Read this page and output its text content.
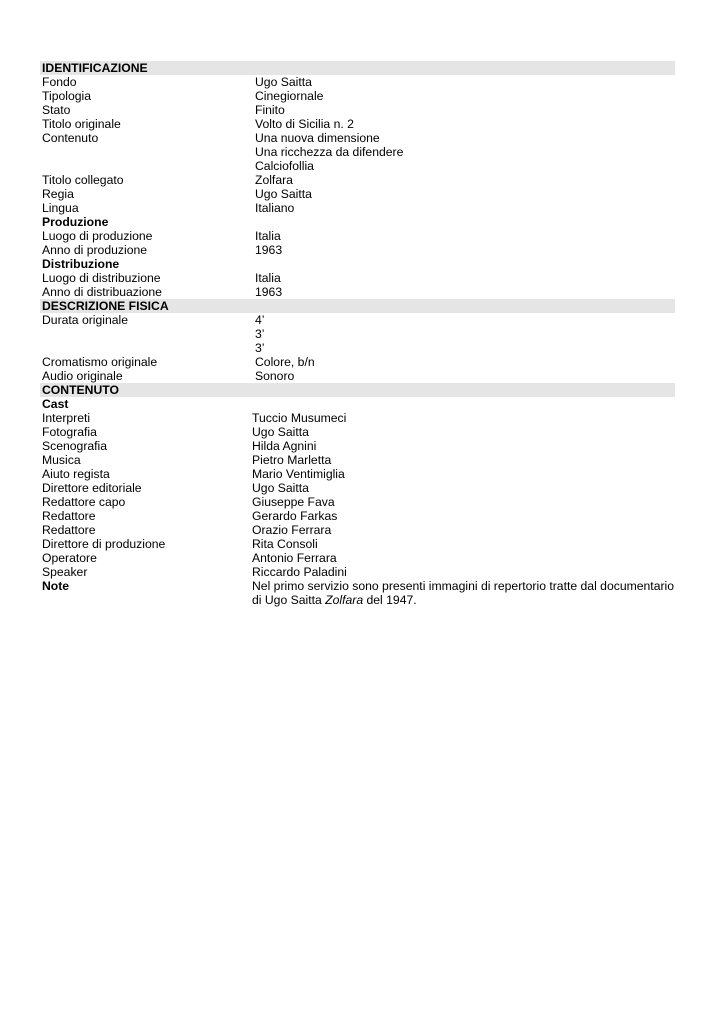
IDENTIFICAZIONE
Fondo	Ugo Saitta
Tipologia	Cinegiornale
Stato	Finito
Titolo originale	Volto di Sicilia n. 2
Contenuto	Una nuova dimensione
Una ricchezza da difendere
Calciofollia
Titolo collegato	Zolfara
Regia	Ugo Saitta
Lingua	Italiano
Produzione
Luogo di produzione	Italia
Anno di produzione	1963
Distribuzione
Luogo di distribuzione	Italia
Anno di distribuazione	1963
DESCRIZIONE FISICA
Durata originale	4’
3’
3’
Cromatismo originale	Colore, b/n
Audio originale	Sonoro
CONTENUTO
Cast
Interpreti	Tuccio Musumeci
Fotografia	Ugo Saitta
Scenografia	Hilda Agnini
Musica	Pietro Marletta
Aiuto regista	Mario Ventimiglia
Direttore editoriale	Ugo Saitta
Redattore capo	Giuseppe Fava
Redattore	Gerardo Farkas
Redattore	Orazio Ferrara
Direttore di produzione	Rita Consoli
Operatore	Antonio Ferrara
Speaker	Riccardo Paladini
Note	Nel primo servizio sono presenti immagini di repertorio tratte dal documentario di Ugo Saitta Zolfara del 1947.
